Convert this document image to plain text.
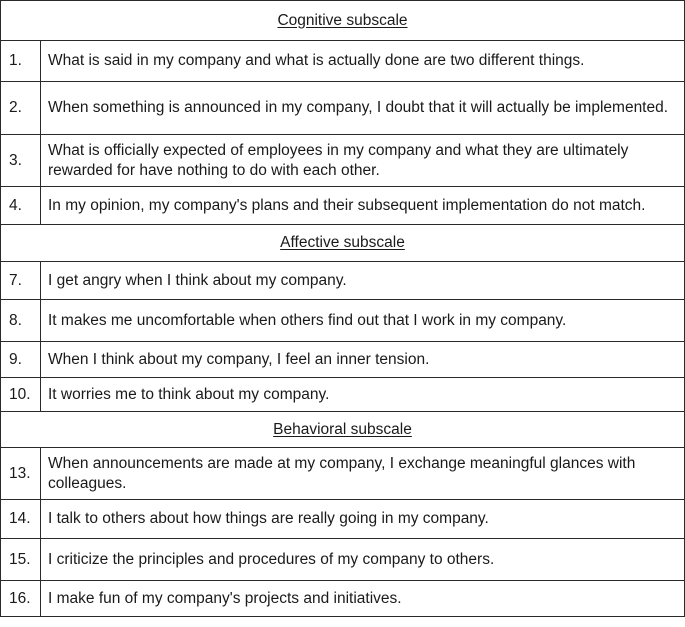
Cognitive subscale	
1.	What is said in my company and what is actually done are two different things.
2.	When something is announced in my company, I doubt that it will actually be implemented.
3.	What is officially expected of employees in my company and what they are ultimately rewarded for have nothing to do with each other.
4.	In my opinion, my company's plans and their subsequent implementation do not match.
Affective subscale	
7.	I get angry when I think about my company.
8.	It makes me uncomfortable when others find out that I work in my company.
9.	When I think about my company, I feel an inner tension.
10.	It worries me to think about my company.
Behavioral subscale	
13.	When announcements are made at my company, I exchange meaningful glances with colleagues.
14.	I talk to others about how things are really going in my company.
15.	I criticize the principles and procedures of my company to others.
16.	I make fun of my company's projects and initiatives.
